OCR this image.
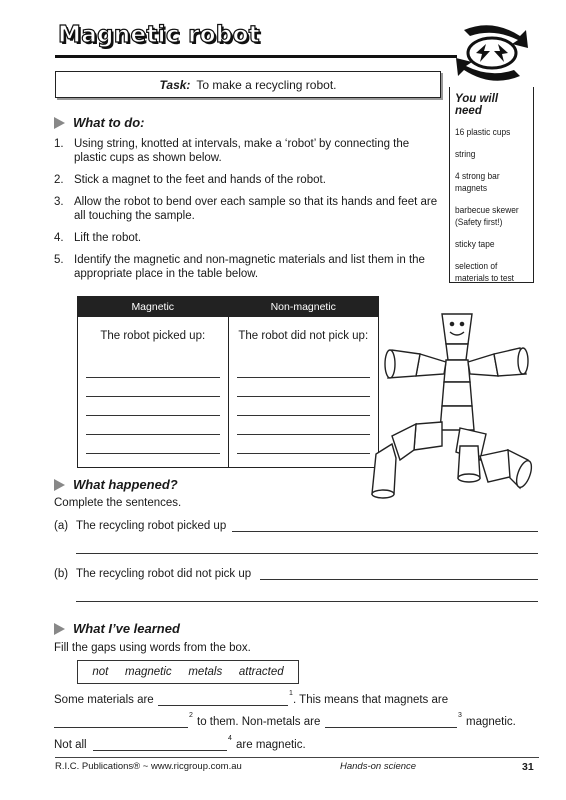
Magnetic robot
Task: To make a recycling robot.
You will need
16 plastic cups
string
4 strong bar magnets
barbecue skewer (Safety first!)
sticky tape
selection of materials to test
What to do:
1. Using string, knotted at intervals, make a ‘robot’ by connecting the plastic cups as shown below.
2. Stick a magnet to the feet and hands of the robot.
3. Allow the robot to bend over each sample so that its hands and feet are all touching the sample.
4. Lift the robot.
5. Identify the magnetic and non-magnetic materials and list them in the appropriate place in the table below.
Magnetic
The robot picked up:
Non-magnetic
The robot did not pick up:
What happened?
Complete the sentences.
(a) The recycling robot picked up
(b) The recycling robot did not pick up
What I’ve learned
Fill the gaps using words from the box.
not magnetic metals attracted
Some materials are
1
. This means that magnets are
2
to them. Non-metals are
3
magnetic.
Not all
4
are magnetic.
R.I.C. Publications® ~ www.ricgroup.com.au	Hands-on science	31
